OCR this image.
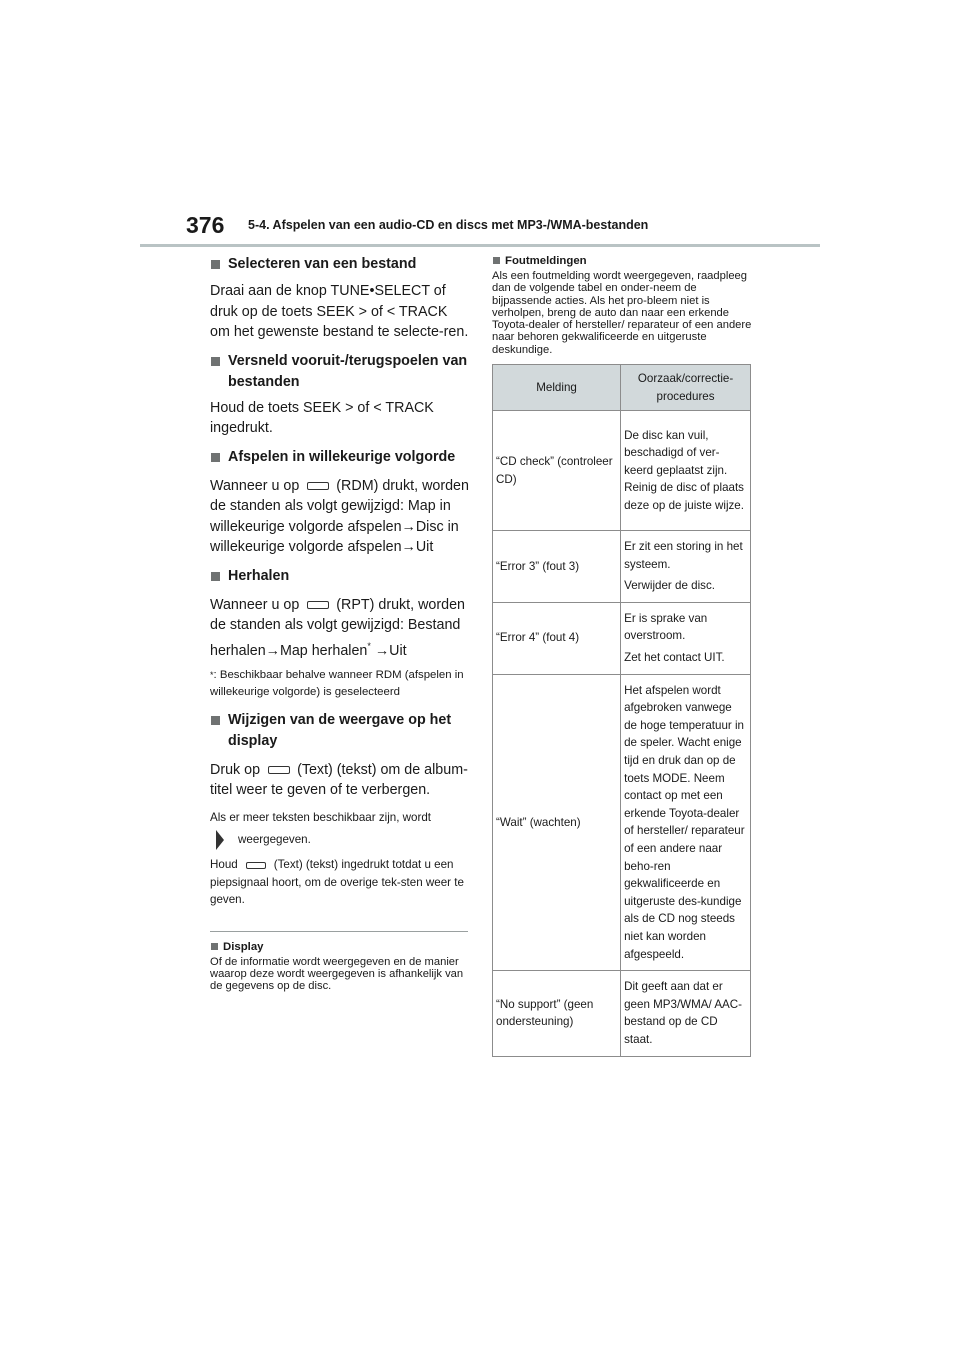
376 5-4. Afspelen van een audio-CD en discs met MP3-/WMA-bestanden
Selecteren van een bestand
Draai aan de knop TUNE•SELECT of druk op de toets SEEK > of < TRACK om het gewenste bestand te selecte-ren.
Versneld vooruit-/terugspoelen van bestanden
Houd de toets SEEK > of < TRACK ingedrukt.
Afspelen in willekeurige volgorde
Wanneer u op	(RDM) drukt, worden de standen als volgt gewijzigd: Map in willekeurige volgorde afspelen→Disc in willekeurige volgorde afspelen→Uit
Herhalen
Wanneer u op	(RPT) drukt, worden de standen als volgt gewijzigd: Bestand herhalen→Map herhalen* →Uit
*: Beschikbaar behalve wanneer RDM (afspelen in willekeurige volgorde) is geselecteerd
Wijzigen van de weergave op het display
Druk op	(Text) (tekst) om de album-titel weer te geven of te verbergen.
Als er meer teksten beschikbaar zijn, wordt
weergegeven.
Houd	(Text) (tekst) ingedrukt totdat u een piepsignaal hoort, om de overige tek-sten weer te geven.
Display
Of de informatie wordt weergegeven en de manier waarop deze wordt weergegeven is afhankelijk van de gegevens op de disc.
Foutmeldingen
Als een foutmelding wordt weergegeven, raadpleeg dan de volgende tabel en onder-neem de bijpassende acties. Als het pro-bleem niet is verholpen, breng de auto dan naar een erkende Toyota-dealer of hersteller/ reparateur of een andere naar behoren gekwalificeerde en uitgeruste deskundige.
Melding	Oorzaak/correctie-procedures
“CD check” (controleer CD)	De disc kan vuil, beschadigd of ver-keerd geplaatst zijn. Reinig de disc of plaats deze op de juiste wijze.

“Error 3” (fout 3)	Er zit een storing in het systeem.

Verwijder de disc.

“Error 4” (fout 4)	Er is sprake van overstroom.

Zet het contact UIT.

“Wait” (wachten)	Het afspelen wordt afgebroken vanwege de hoge temperatuur in de speler. Wacht enige tijd en druk dan op de toets MODE. Neem contact op met een erkende Toyota-dealer of hersteller/ reparateur of een andere naar beho-ren gekwalificeerde en uitgeruste des-kundige als de CD nog steeds niet kan worden afgespeeld.

“No support” (geen ondersteuning)	Dit geeft aan dat er geen MP3/WMA/ AAC-bestand op de CD staat.
